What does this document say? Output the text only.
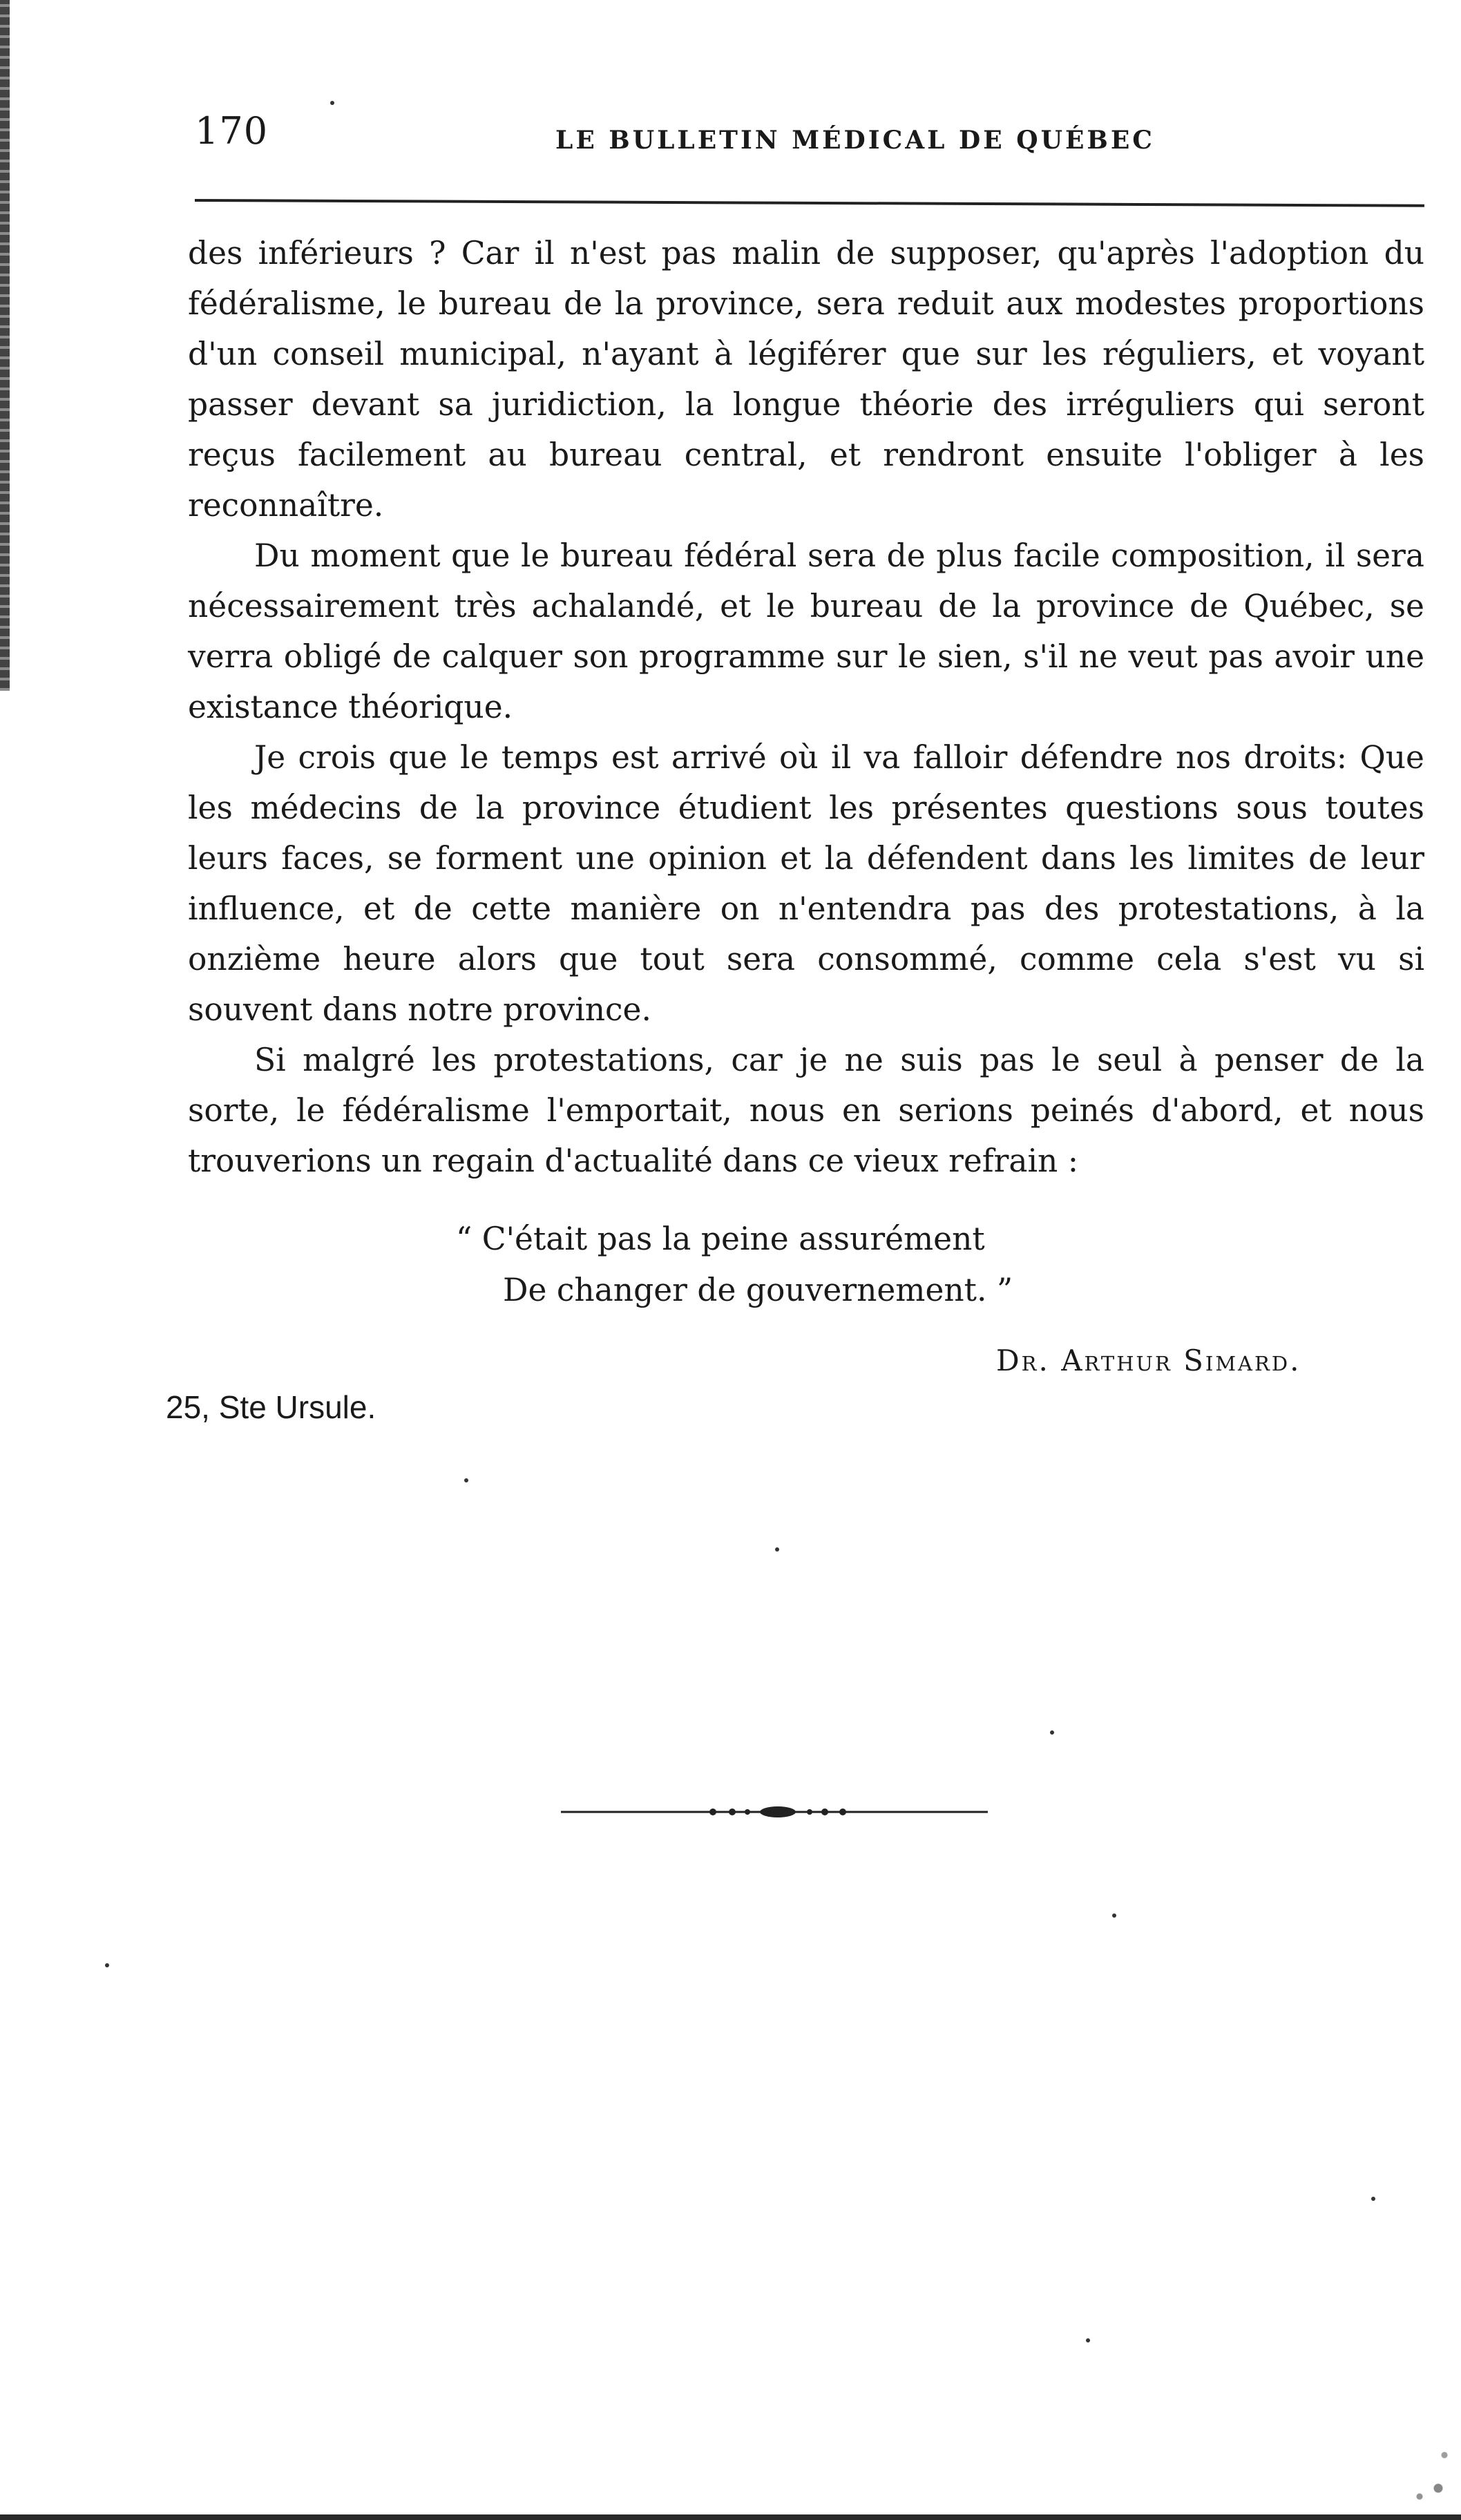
170	LE BULLETIN MÉDICAL DE QUÉBEC

des inférieurs ? Car il n'est pas malin de supposer, qu'après l'adoption du fédéralisme, le bureau de la province, sera reduit aux modestes proportions d'un conseil municipal, n'ayant à légiférer que sur les réguliers, et voyant passer devant sa juridiction, la longue théorie des irréguliers qui seront reçus facilement au bureau central, et rendront ensuite l'obliger à les reconnaître.

Du moment que le bureau fédéral sera de plus facile composition, il sera nécessairement très achalandé, et le bureau de la province de Québec, se verra obligé de calquer son programme sur le sien, s'il ne veut pas avoir une existance théorique.

Je crois que le temps est arrivé où il va falloir défendre nos droits: Que les médecins de la province étudient les présentes questions sous toutes leurs faces, se forment une opinion et la défendent dans les limites de leur influence, et de cette manière on n'entendra pas des protestations, à la onzième heure alors que tout sera consommé, comme cela s'est vu si souvent dans notre province.

Si malgré les protestations, car je ne suis pas le seul à penser de la sorte, le fédéralisme l'emportait, nous en serions peinés d'abord, et nous trouverions un regain d'actualité dans ce vieux refrain :

“ C'était pas la peine assurément
De changer de gouvernement. ”
Dr. Arthur Simard.
25, Ste Ursule.
